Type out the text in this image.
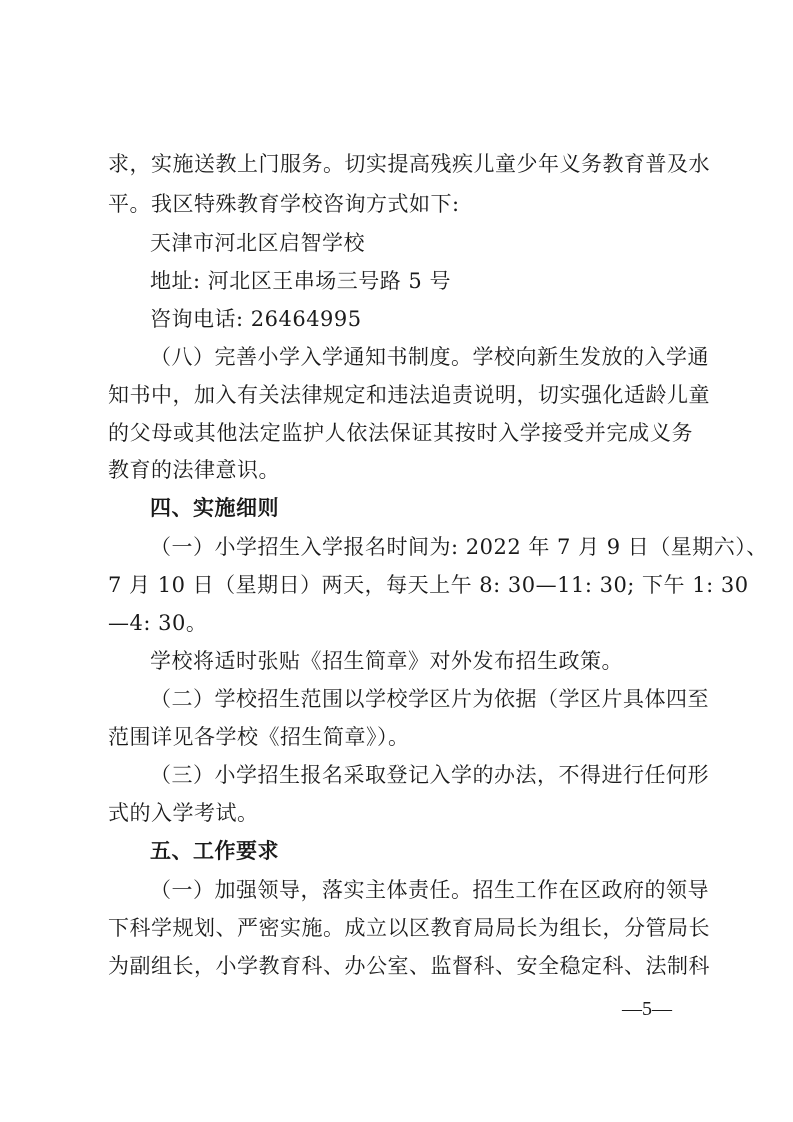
求，实施送教上门服务。切实提高残疾儿童少年义务教育普及水
平。我区特殊教育学校咨询方式如下:
天津市河北区启智学校
地址: 河北区王串场三号路 5 号
咨询电话: 26464995
（八）完善小学入学通知书制度。学校向新生发放的入学通
知书中，加入有关法律规定和违法追责说明，切实强化适龄儿童
的父母或其他法定监护人依法保证其按时入学接受并完成义务
教育的法律意识。
四、实施细则
（一）小学招生入学报名时间为: 2022 年 7 月 9 日（星期六）、
7 月 10 日（星期日）两天，每天上午 8: 30—11: 30; 下午 1: 30
—4: 30。
学校将适时张贴《招生简章》对外发布招生政策。
（二）学校招生范围以学校学区片为依据（学区片具体四至
范围详见各学校《招生简章》）。
（三）小学招生报名采取登记入学的办法，不得进行任何形
式的入学考试。
五、工作要求
（一）加强领导，落实主体责任。招生工作在区政府的领导
下科学规划、严密实施。成立以区教育局局长为组长，分管局长
为副组长，小学教育科、办公室、监督科、安全稳定科、法制科
—5—
